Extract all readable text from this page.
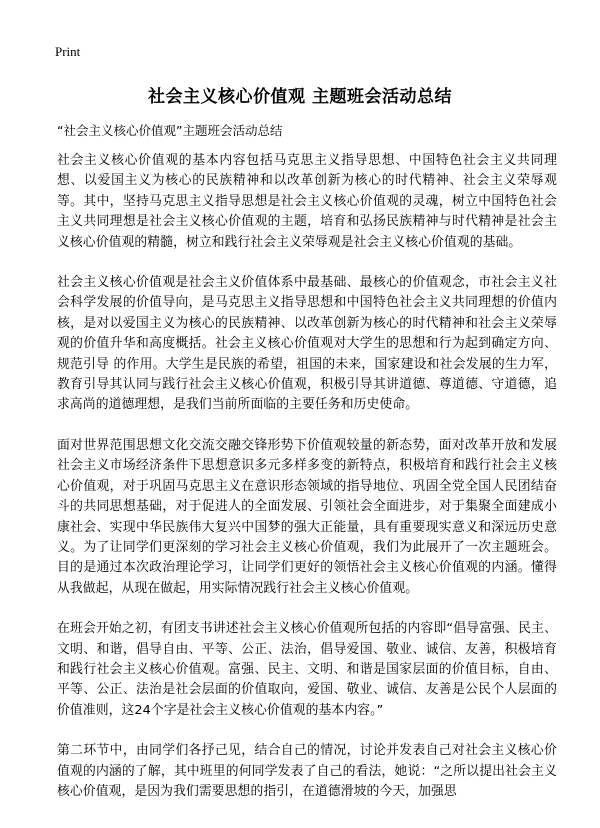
Print
社会主义核心价值观 主题班会活动总结
“社会主义核心价值观”主题班会活动总结

社会主义核心价值观的基本内容包括马克思主义指导思想、中国特色社会主义共同理想、以爱国主义为核心的民族精神和以改革创新为核心的时代精神、社会主义荣辱观等。其中，坚持马克思主义指导思想是社会主义核心价值观的灵魂，树立中国特色社会主义共同理想是社会主义核心价值观的主题，培育和弘扬民族精神与时代精神是社会主义核心价值观的精髓，树立和践行社会主义荣辱观是社会主义核心价值观的基础。

社会主义核心价值观是社会主义价值体系中最基础、最核心的价值观念，市社会主义社会科学发展的价值导向，是马克思主义指导思想和中国特色社会主义共同理想的价值内核，是对以爱国主义为核心的民族精神、以改革创新为核心的时代精神和社会主义荣辱观的价值升华和高度概括。社会主义核心价值观对大学生的思想和行为起到确定方向、规范引导 的作用。大学生是民族的希望，祖国的未来，国家建设和社会发展的生力军，教育引导其认同与践行社会主义核心价值观，积极引导其讲道德、尊道德、守道德，追求高尚的道德理想，是我们当前所面临的主要任务和历史使命。

面对世界范围思想文化交流交融交锋形势下价值观较量的新态势，面对改革开放和发展社会主义市场经济条件下思想意识多元多样多变的新特点，积极培育和践行社会主义核心价值观，对于巩固马克思主义在意识形态领域的指导地位、巩固全党全国人民团结奋斗的共同思想基础，对于促进人的全面发展、引领社会全面进步，对于集聚全面建成小康社会、实现中华民族伟大复兴中国梦的强大正能量，具有重要现实意义和深远历史意义。为了让同学们更深刻的学习社会主义核心价值观，我们为此展开了一次主题班会。目的是通过本次政治理论学习，让同学们更好的领悟社会主义核心价值观的内涵。懂得从我做起，从现在做起，用实际情况践行社会主义核心价值观。

在班会开始之初，有团支书讲述社会主义核心价值观所包括的内容即“倡导富强、民主、文明、和谐，倡导自由、平等、公正、法治，倡导爱国、敬业、诚信、友善，积极培育和践行社会主义核心价值观。富强、民主、文明、和谐是国家层面的价值目标，自由、平等、公正、法治是社会层面的价值取向，爱国、敬业、诚信、友善是公民个人层面的价值准则，这24个字是社会主义核心价值观的基本内容。”

第二环节中，由同学们各抒己见，结合自己的情况，讨论并发表自己对社会主义核心价值观的内涵的了解，其中班里的何同学发表了自己的看法，她说：“之所以提出社会主义核心价值观，是因为我们需要思想的指引，在道德滑坡的今天，加强思
